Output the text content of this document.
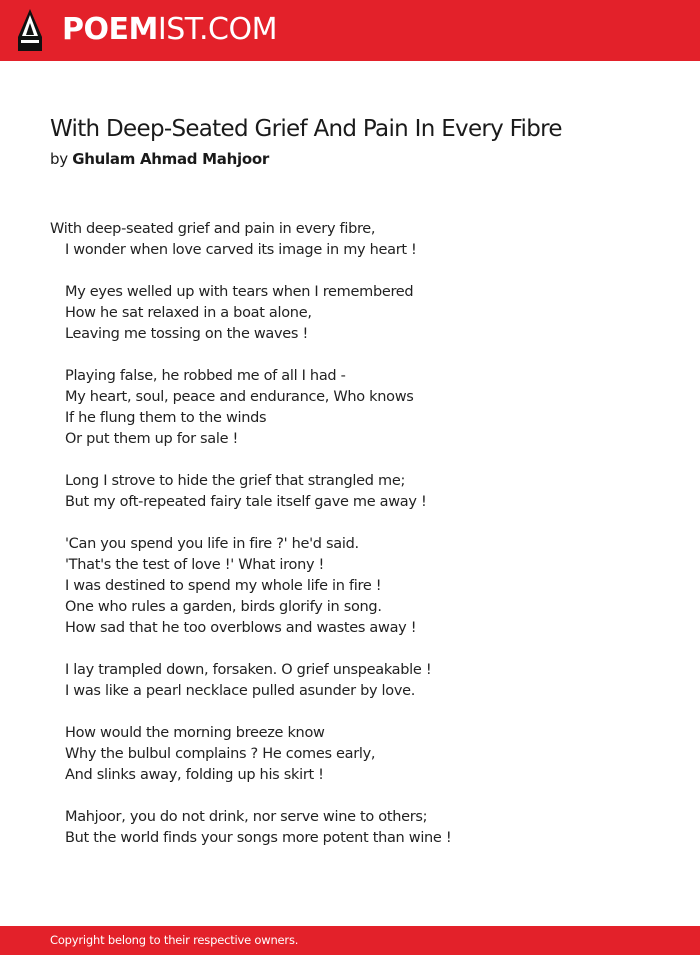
POEMIST.COM
With Deep-Seated Grief And Pain In Every Fibre
by Ghulam Ahmad Mahjoor
With deep-seated grief and pain in every fibre,
I wonder when love carved its image in my heart !
My eyes welled up with tears when I remembered
How he sat relaxed in a boat alone,
Leaving me tossing on the waves !
Playing false, he robbed me of all I had -
My heart, soul, peace and endurance, Who knows
If he flung them to the winds
Or put them up for sale !
Long I strove to hide the grief that strangled me;
But my oft-repeated fairy tale itself gave me away !
'Can you spend you life in fire ?' he'd said.
'That's the test of love !' What irony !
I was destined to spend my whole life in fire !
One who rules a garden, birds glorify in song.
How sad that he too overblows and wastes away !
I lay trampled down, forsaken. O grief unspeakable !
I was like a pearl necklace pulled asunder by love.
How would the morning breeze know
Why the bulbul complains ? He comes early,
And slinks away, folding up his skirt !
Mahjoor, you do not drink, nor serve wine to others;
But the world finds your songs more potent than wine !
Copyright belong to their respective owners.
